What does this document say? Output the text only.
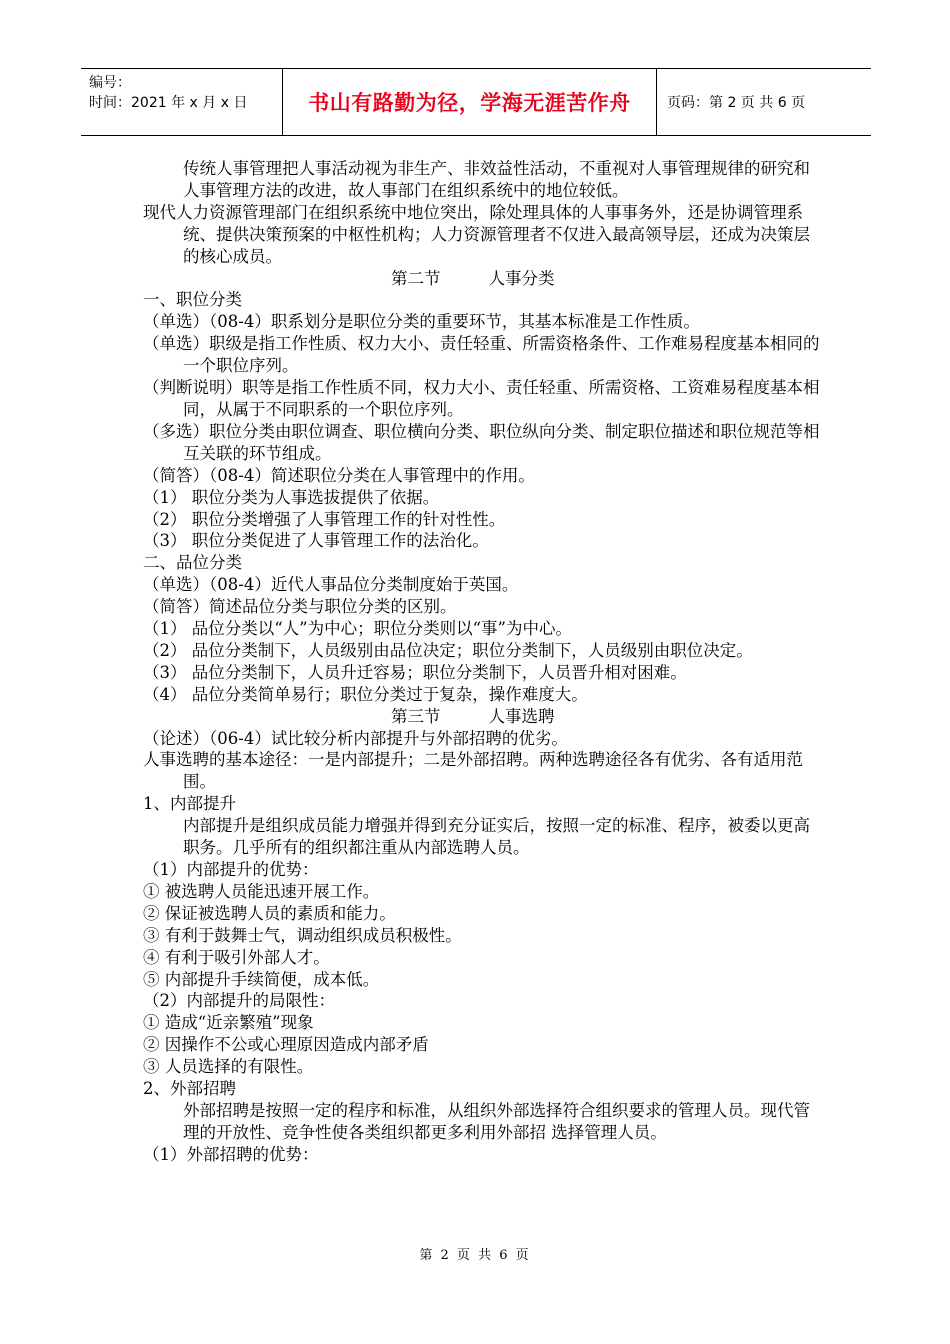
编号：
时间：2021 年 x 月 x 日	书山有路勤为径，学海无涯苦作舟	页码：第 2 页 共 6 页

传统人事管理把人事活动视为非生产、非效益性活动，不重视对人事管理规律的研究和人事管理方法的改进，故人事部门在组织系统中的地位较低。

现代人力资源管理部门在组织系统中地位突出，除处理具体的人事事务外，还是协调管理系统、提供决策预案的中枢性机构；人力资源管理者不仅进入最高领导层，还成为决策层的核心成员。

第二节	人事分类

一、职位分类

（单选）（08-4）职系划分是职位分类的重要环节，其基本标准是工作性质。

（单选）职级是指工作性质、权力大小、责任轻重、所需资格条件、工作难易程度基本相同的一个职位序列。

（判断说明）职等是指工作性质不同，权力大小、责任轻重、所需资格、工资难易程度基本相同，从属于不同职系的一个职位序列。

（多选）职位分类由职位调查、职位横向分类、职位纵向分类、制定职位描述和职位规范等相互关联的环节组成。

（简答）（08-4）简述职位分类在人事管理中的作用。

（1） 职位分类为人事选拔提供了依据。

（2） 职位分类增强了人事管理工作的针对性性。

（3） 职位分类促进了人事管理工作的法治化。

二、品位分类

（单选）（08-4）近代人事品位分类制度始于英国。

（简答）简述品位分类与职位分类的区别。

（1） 品位分类以“人”为中心；职位分类则以“事”为中心。

（2） 品位分类制下，人员级别由品位决定；职位分类制下，人员级别由职位决定。

（3） 品位分类制下，人员升迁容易；职位分类制下，人员晋升相对困难。

（4） 品位分类简单易行；职位分类过于复杂，操作难度大。

第三节	人事选聘

（论述）（06-4）试比较分析内部提升与外部招聘的优劣。

人事选聘的基本途径：一是内部提升；二是外部招聘。两种选聘途径各有优劣、各有适用范围。

1、内部提升

内部提升是组织成员能力增强并得到充分证实后，按照一定的标准、程序，被委以更高职务。几乎所有的组织都注重从内部选聘人员。

（1）内部提升的优势：

① 被选聘人员能迅速开展工作。

② 保证被选聘人员的素质和能力。

③ 有利于鼓舞士气，调动组织成员积极性。

④ 有利于吸引外部人才。

⑤ 内部提升手续简便，成本低。

（2）内部提升的局限性：

① 造成“近亲繁殖”现象

② 因操作不公或心理原因造成内部矛盾

③ 人员选择的有限性。

2、外部招聘

外部招聘是按照一定的程序和标准，从组织外部选择符合组织要求的管理人员。现代管理的开放性、竞争性使各类组织都更多利用外部招 选择管理人员。

（1）外部招聘的优势：

第 2 页 共 6 页
